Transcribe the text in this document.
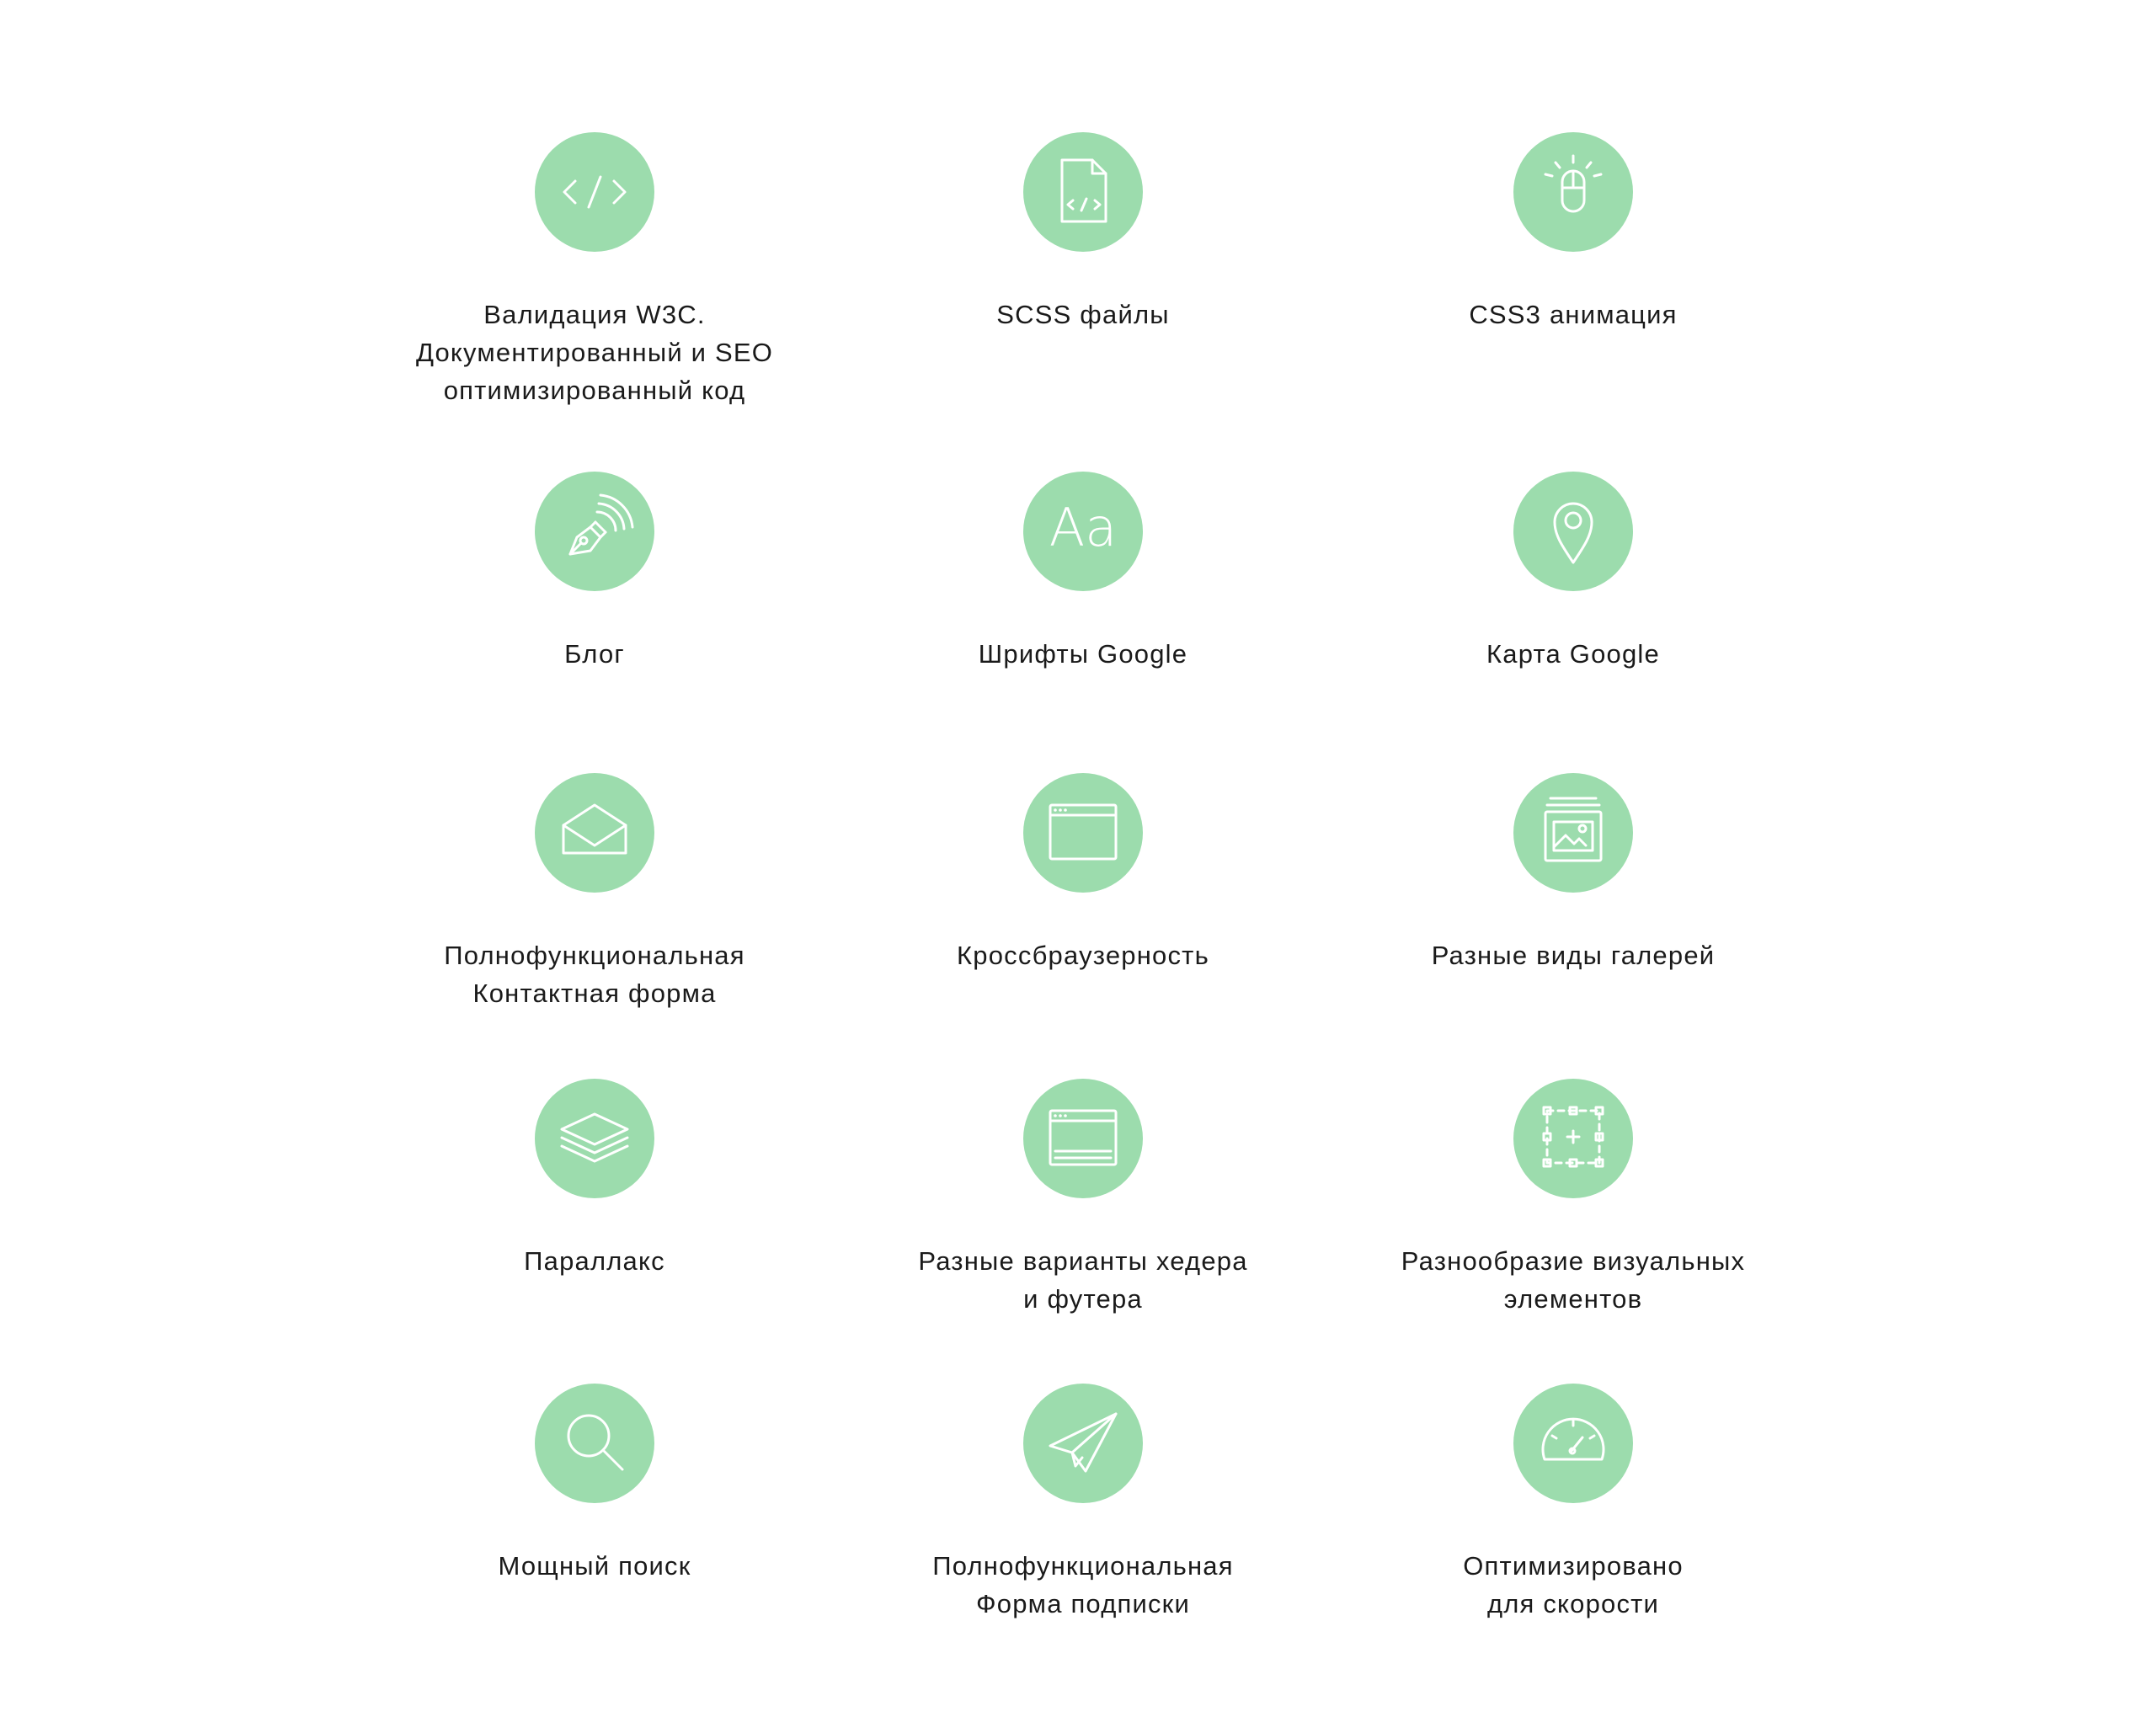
Валидация W3C.
Документированный и SEO
оптимизированный код
SCSS файлы	CSS3 анимация
Блог
Aa
Шрифты Google	Карта Google
Полнофункциональная
Контактная форма
Кроссбраузерность	Разные виды галерей
Параллакс	Разные варианты хедера
и футера
Разнообразие визуальных
элементов
Мощный поиск	Полнофункциональная
Форма подписки
Оптимизировано
для скорости
